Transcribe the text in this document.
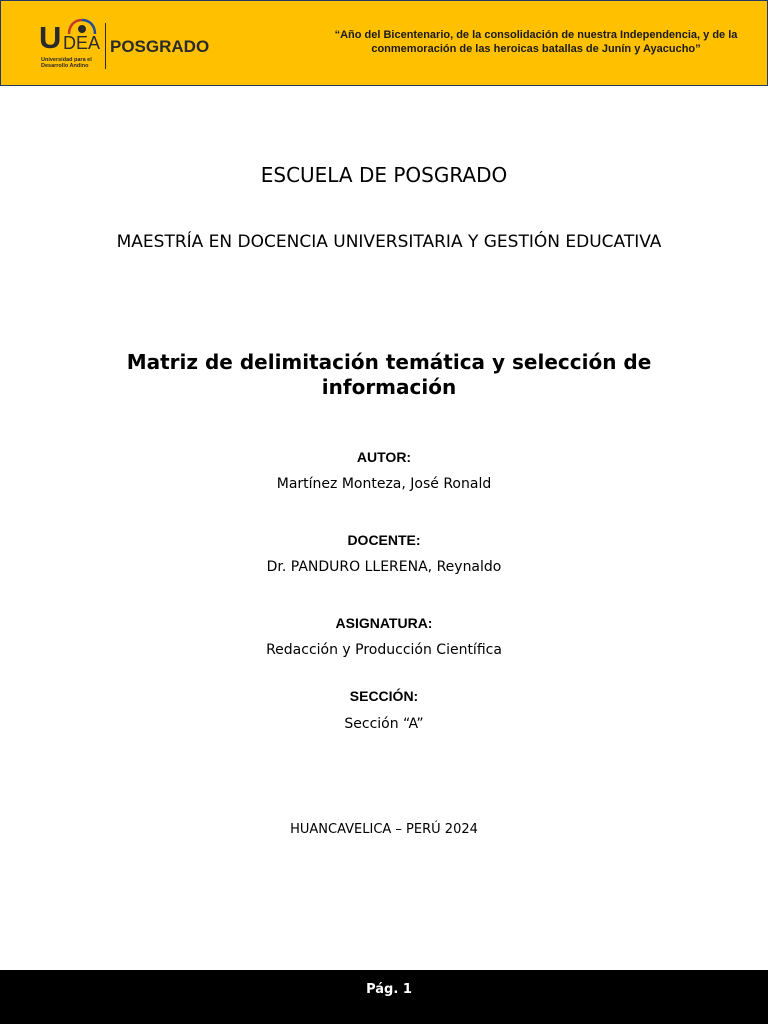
U DEA
Universidad para el Desarrollo Andino
POSGRADO
“Año del Bicentenario, de la consolidación de nuestra Independencia, y de la conmemoración de las heroicas batallas de Junín y Ayacucho”
ESCUELA DE POSGRADO
MAESTRÍA EN DOCENCIA UNIVERSITARIA Y GESTIÓN EDUCATIVA
Matriz de delimitación temática y selección de información
AUTOR:
Martínez Monteza, José Ronald
DOCENTE:
Dr. PANDURO LLERENA, Reynaldo
ASIGNATURA:
Redacción y Producción Científica
SECCIÓN:
Sección “A”
HUANCAVELICA – PERÚ 2024
Pág. 1
